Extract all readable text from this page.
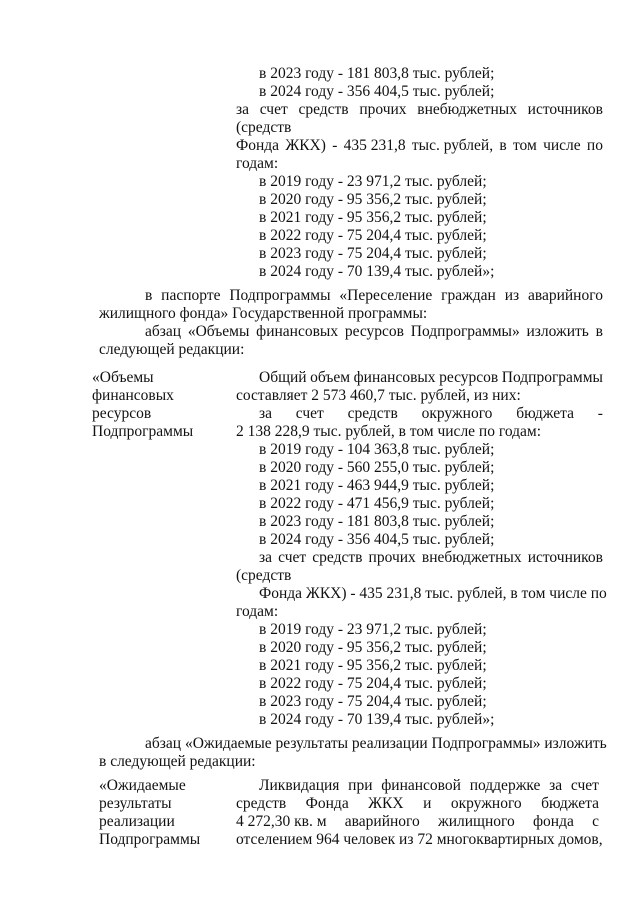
в 2023 году - 181 803,8 тыс. рублей;
в 2024 году - 356 404,5 тыс. рублей;
за счет средств прочих внебюджетных источников
(средств
Фонда ЖКХ) - 435 231,8 тыс. рублей, в том числе по
годам:
в 2019 году - 23 971,2 тыс. рублей;
в 2020 году - 95 356,2 тыс. рублей;
в 2021 году - 95 356,2 тыс. рублей;
в 2022 году - 75 204,4 тыс. рублей;
в 2023 году - 75 204,4 тыс. рублей;
в 2024 году - 70 139,4 тыс. рублей»;
в паспорте Подпрограммы «Переселение граждан из аварийного
жилищного фонда» Государственной программы:
абзац «Объемы финансовых ресурсов Подпрограммы» изложить в
следующей редакции:
«Объемы
финансовых
ресурсов
Подпрограммы
Общий объем финансовых ресурсов Подпрограммы
составляет 2 573 460,7 тыс. рублей, из них:
за счет средств окружного бюджета -
2 138 228,9 тыс. рублей, в том числе по годам:
в 2019 году - 104 363,8 тыс. рублей;
в 2020 году - 560 255,0 тыс. рублей;
в 2021 году - 463 944,9 тыс. рублей;
в 2022 году - 471 456,9 тыс. рублей;
в 2023 году - 181 803,8 тыс. рублей;
в 2024 году - 356 404,5 тыс. рублей;
за счет средств прочих внебюджетных источников
(средств
Фонда ЖКХ) - 435 231,8 тыс. рублей, в том числе по
годам:
в 2019 году - 23 971,2 тыс. рублей;
в 2020 году - 95 356,2 тыс. рублей;
в 2021 году - 95 356,2 тыс. рублей;
в 2022 году - 75 204,4 тыс. рублей;
в 2023 году - 75 204,4 тыс. рублей;
в 2024 году - 70 139,4 тыс. рублей»;
абзац «Ожидаемые результаты реализации Подпрограммы» изложить
в следующей редакции:
«Ожидаемые
результаты
реализации
Подпрограммы
Ликвидация при финансовой поддержке за счет
средств Фонда ЖКХ и окружного бюджета
4 272,30 кв. м аварийного жилищного фонда с
отселением 964 человек из 72 многоквартирных домов,
